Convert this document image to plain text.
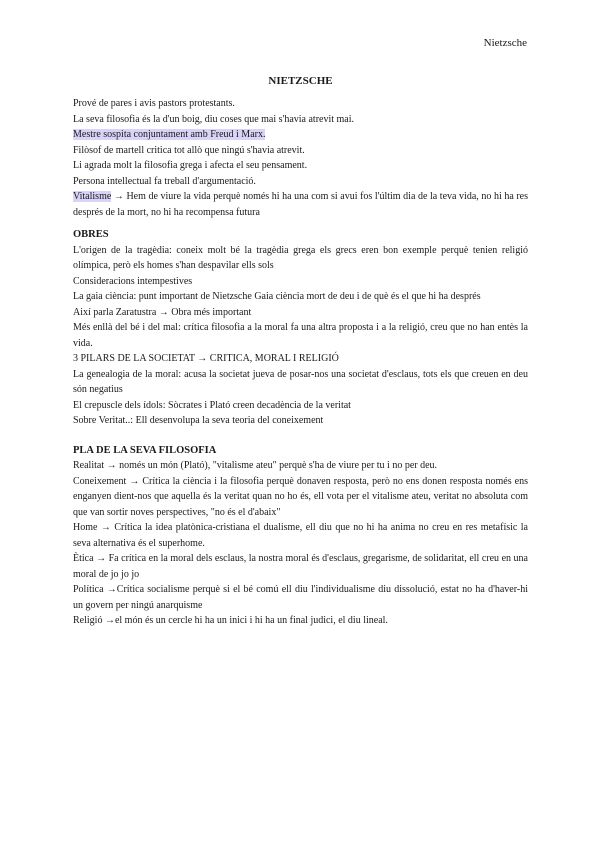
Nietzsche
NIETZSCHE

Prové de pares i avis pastors protestants.

La seva filosofia és la d'un boig, diu coses que mai s'havia atrevit mai.

Mestre sospita conjuntament amb Freud i Marx.

Filòsof de martell critica tot allò que ningú s'havia atrevit.

Li agrada molt la filosofia grega i afecta el seu pensament.

Persona intellectual fa treball d'argumentació.

Vitalisme → Hem de viure la vida perquè només hi ha una com si avui fos l'últim dia de la teva vida, no hi ha res després de la mort, no hi ha recompensa futura

OBRES

L'origen de la tragèdia: coneix molt bé la tragèdia grega els grecs eren bon exemple perquè tenien religió olímpica, però els homes s'han despavilar ells sols

Consideracions intempestives

La gaia ciència: punt important de Nietzsche Gaia ciència mort de deu i de què és el que hi ha després

Així parla Zaratustra → Obra més important

Més enllà del bé i del mal: crítica filosofia a la moral fa una altra proposta i a la religió, creu que no han entès la vida.

3 PILARS DE LA SOCIETAT → CRITICA, MORAL I RELIGIÓ

La genealogia de la moral: acusa la societat jueva de posar-nos una societat d'esclaus, tots els que creuen en deu són negatius

El crepuscle dels ídols: Sòcrates i Plató creen decadència de la veritat

Sobre Veritat..: Ell desenvolupa la seva teoria del coneixement

PLA DE LA SEVA FILOSOFIA

Realitat → només un món (Plató), "vitalisme ateu" perquè s'ha de viure per tu i no per deu.

Coneixement → Crítica la ciència i la filosofia perquè donaven resposta, però no ens donen resposta només ens enganyen dient-nos que aquella és la veritat quan no ho és, ell vota per el vitalisme ateu, veritat no absoluta com que van sortir noves perspectives, "no és el d'abaix"

Home → Crítica la idea platònica-cristiana el dualisme, ell diu que no hi ha anima no creu en res metafísic la seva alternativa és el superhome.

Ètica → Fa crítica en la moral dels esclaus, la nostra moral és d'esclaus, gregarisme, de solidaritat, ell creu en una moral de jo jo jo

Política →Crítica socialisme perquè si el bé comú ell diu l'individualisme diu dissolució, estat no ha d'haver-hi un govern per ningú anarquisme

Religió →el món és un cercle hi ha un inici i hi ha un final judici, el diu lineal.
